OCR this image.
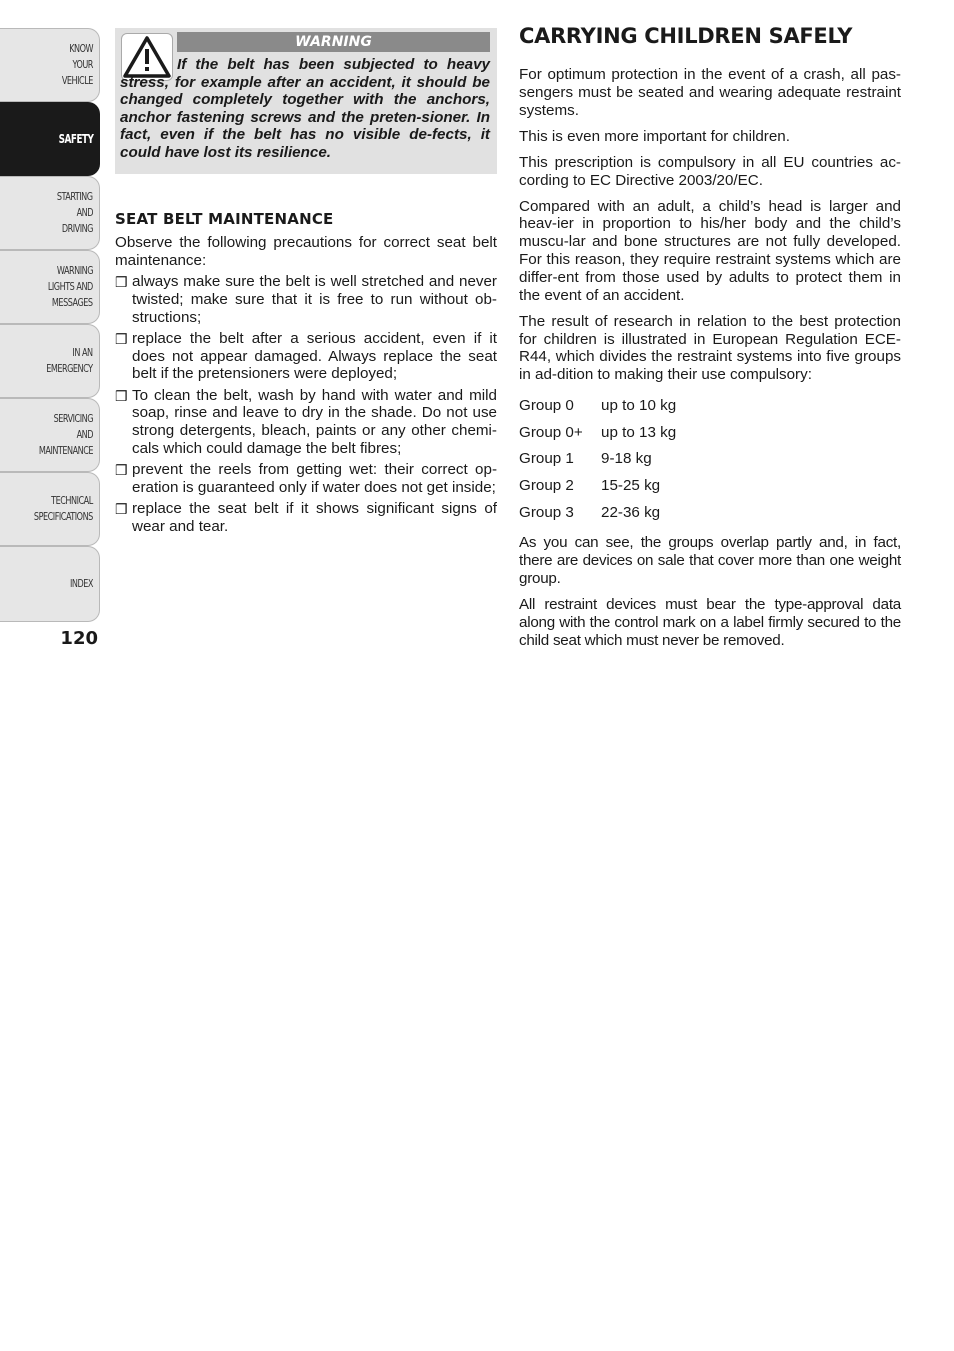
KNOW
YOUR
VEHICLE
SAFETY
STARTING
AND
DRIVING
WARNING
LIGHTS AND
MESSAGES
IN AN
EMERGENCY
SERVICING
AND
MAINTENANCE
TECHNICAL
SPECIFICATIONS
INDEX
120
WARNING
If the belt has been subjected to heavy stress, for example after an accident, it should be changed completely together with the anchors, anchor fastening screws and the preten-sioner. In fact, even if the belt has no visible de-fects, it could have lost its resilience.
SEAT BELT MAINTENANCE
Observe the following precautions for correct seat belt maintenance:
❒ always make sure the belt is well stretched and never twisted; make sure that it is free to run without ob-structions;
❒ replace the belt after a serious accident, even if it does not appear damaged. Always replace the seat belt if the pretensioners were deployed;
❒ To clean the belt, wash by hand with water and mild soap, rinse and leave to dry in the shade. Do not use strong detergents, bleach, paints or any other chemi-cals which could damage the belt fibres;
❒ prevent the reels from getting wet: their correct op-eration is guaranteed only if water does not get inside;
❒ replace the seat belt if it shows significant signs of wear and tear.
CARRYING CHILDREN SAFELY

For optimum protection in the event of a crash, all pas-sengers must be seated and wearing adequate restraint systems.

This is even more important for children.

This prescription is compulsory in all EU countries ac-cording to EC Directive 2003/20/EC.

Compared with an adult, a child’s head is larger and heav-ier in proportion to his/her body and the child’s muscu-lar and bone structures are not fully developed. For this reason, they require restraint systems which are differ-ent from those used by adults to protect them in the event of an accident.

The result of research in relation to the best protection for children is illustrated in European Regulation ECE-R44, which divides the restraint systems into five groups in ad-dition to making their use compulsory:

Group 0	up to 10 kg
Group 0+	up to 13 kg
Group 1	9-18 kg
Group 2	15-25 kg
Group 3	22-36 kg

As you can see, the groups overlap partly and, in fact, there are devices on sale that cover more than one weight group.

All restraint devices must bear the type-approval data along with the control mark on a label firmly secured to the child seat which must never be removed.
